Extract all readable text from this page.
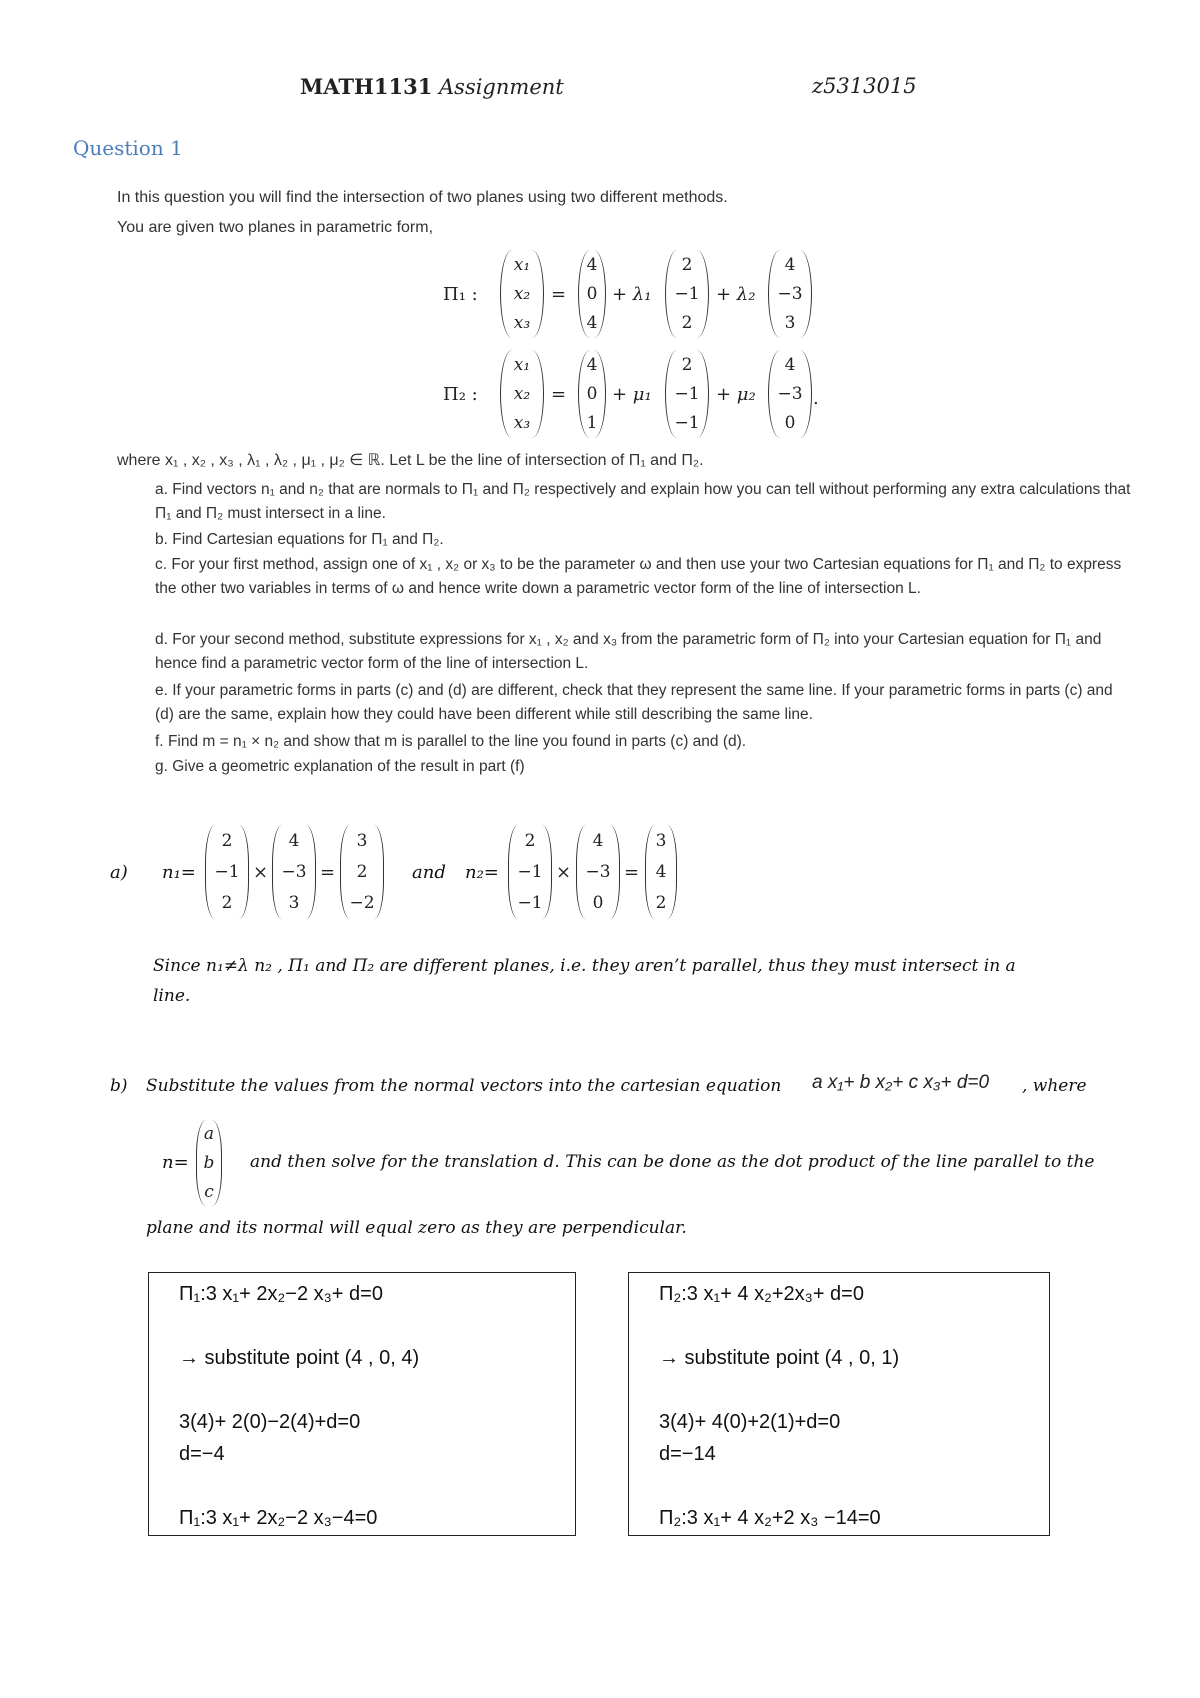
MATH1131 Assignment	z5313015
Question 1
In this question you will find the intersection of two planes using two different methods.
You are given two planes in parametric form,
Π₁ :
x₁
x₂
x₃
=
4
0
4
+ λ₁
2
−1
2
+ λ₂
4
−3
3
Π₂ :
x₁
x₂
x₃
=
4
0
1
+ μ₁
2
−1
−1
+ μ₂
4
−3
0
.
where x₁ , x₂ , x₃ , λ₁ , λ₂ , μ₁ , μ₂ ∈ ℝ. Let L be the line of intersection of Π₁ and Π₂.
a. Find vectors n₁ and n₂ that are normals to Π₁ and Π₂ respectively and explain how you can tell without performing any extra calculations that Π₁ and Π₂ must intersect in a line.
b. Find Cartesian equations for Π₁ and Π₂.
c. For your first method, assign one of x₁ , x₂ or x₃ to be the parameter ω and then use your two Cartesian equations for Π₁ and Π₂ to express the other two variables in terms of ω and hence write down a parametric vector form of the line of intersection L.
d. For your second method, substitute expressions for x₁ , x₂ and x₃ from the parametric form of Π₂ into your Cartesian equation for Π₁ and hence find a parametric vector form of the line of intersection L.
e. If your parametric forms in parts (c) and (d) are different, check that they represent the same line. If your parametric forms in parts (c) and (d) are the same, explain how they could have been different while still describing the same line.
f. Find m = n₁ × n₂ and show that m is parallel to the line you found in parts (c) and (d).
g. Give a geometric explanation of the result in part (f)
a) n₁=
2
−1
2
×
4
−3
3
=
3
2
−2
and n₂=
2
−1
−1
×
4
−3
0
=
3
4
2
Since n₁≠λ n₂ , Π₁ and Π₂ are different planes, i.e. they aren’t parallel, thus they must intersect in a
line.
b) Substitute the values from the normal vectors into the cartesian equation a x₁+ b x₂+ c x₃+ d=0 , where
n=
a
b
c
and then solve for the translation d. This can be done as the dot product of the line parallel to the
plane and its normal will equal zero as they are perpendicular.
Π₁:3 x₁+ 2x₂−2 x₃+ d=0
→ substitute point (4 , 0, 4)
3(4)+ 2(0)−2(4)+d=0
d=−4
Π₁:3 x₁+ 2x₂−2 x₃−4=0
Π₂:3 x₁+ 4 x₂+2x₃+ d=0
→ substitute point (4 , 0, 1)
3(4)+ 4(0)+2(1)+d=0
d=−14
Π₂:3 x₁+ 4 x₂+2 x₃ −14=0
